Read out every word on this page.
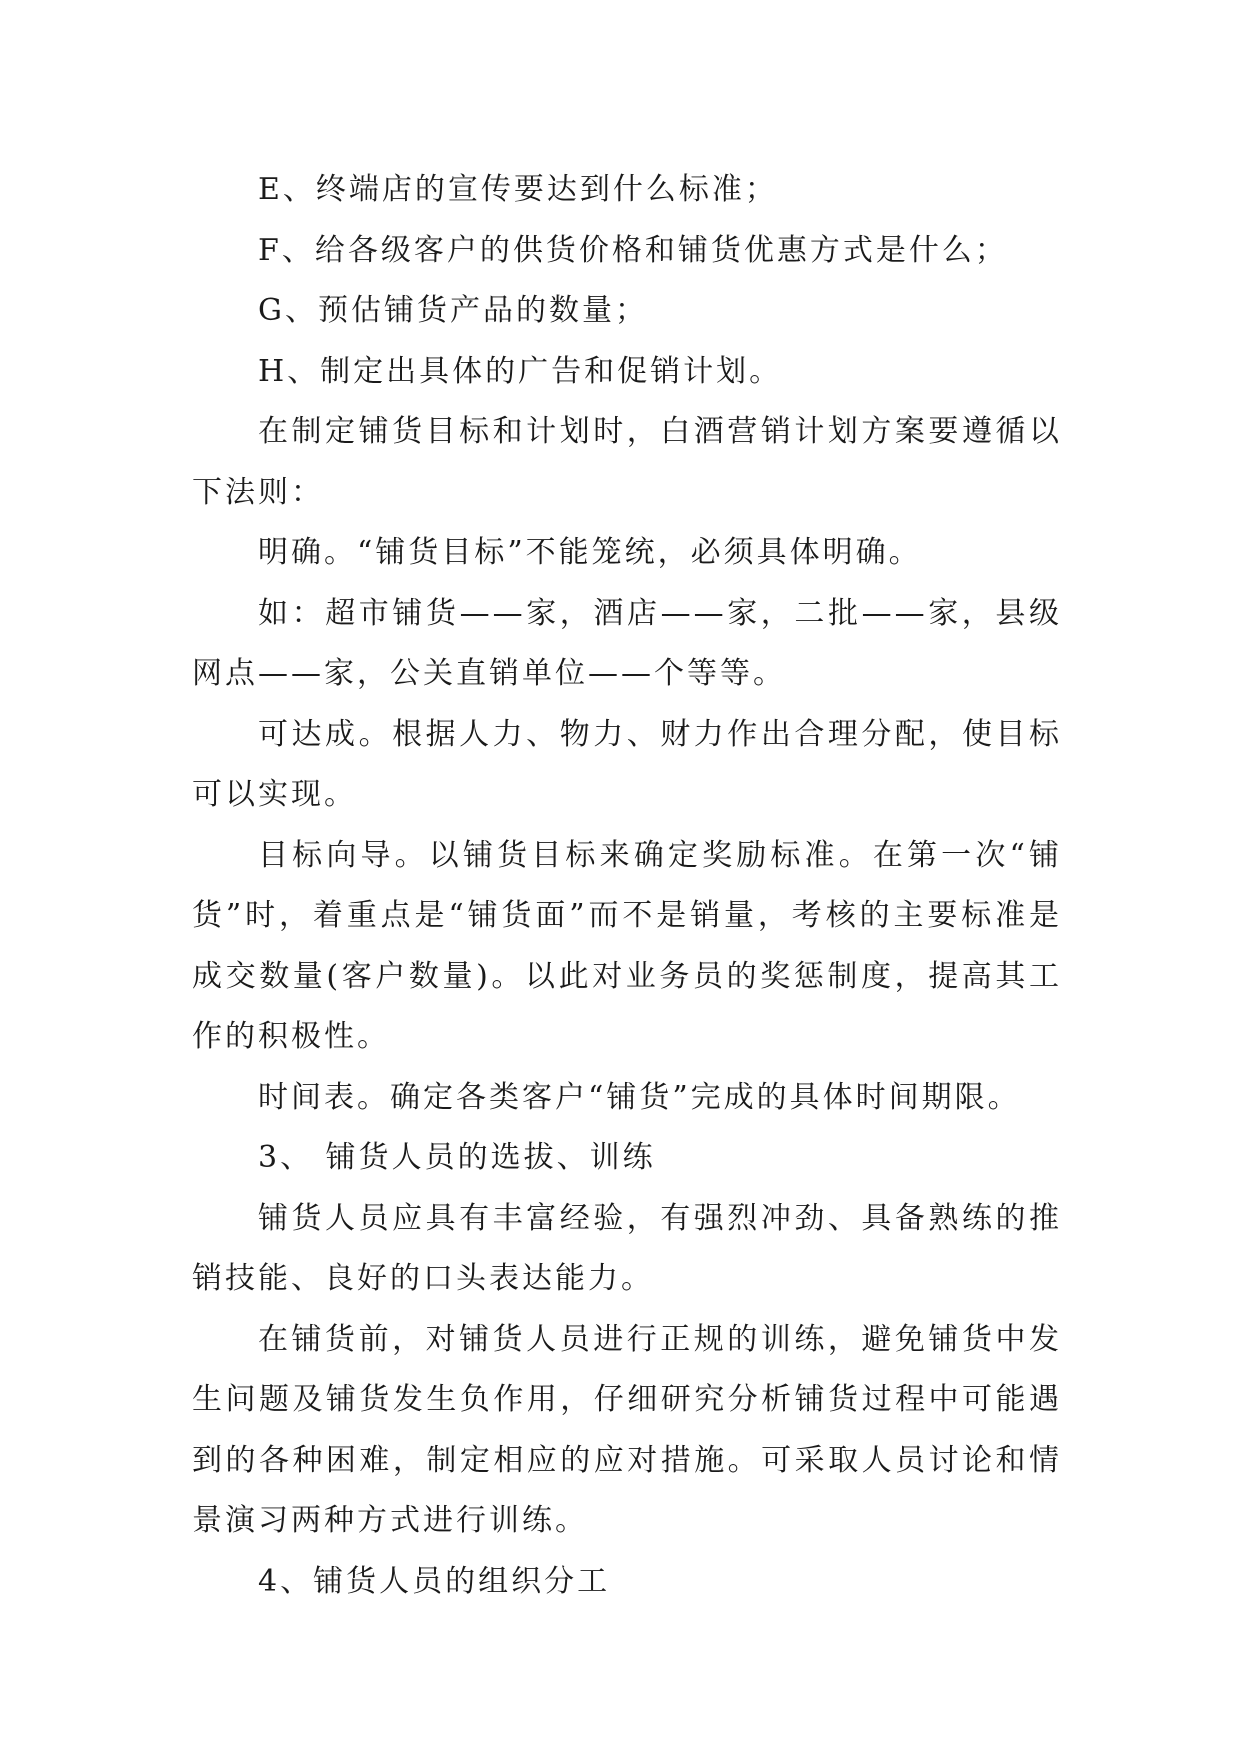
E、终端店的宣传要达到什么标准；

F、给各级客户的供货价格和铺货优惠方式是什么；

G、预估铺货产品的数量；

H、制定出具体的广告和促销计划。

在制定铺货目标和计划时，白酒营销计划方案要遵循以下法则：

明确。“铺货目标”不能笼统，必须具体明确。

如：超市铺货——家，酒店——家，二批——家，县级网点——家，公关直销单位——个等等。

可达成。根据人力、物力、财力作出合理分配，使目标可以实现。

目标向导。以铺货目标来确定奖励标准。在第一次“铺货”时，着重点是“铺货面”而不是销量，考核的主要标准是成交数量(客户数量)。以此对业务员的奖惩制度，提高其工作的积极性。

时间表。确定各类客户“铺货”完成的具体时间期限。

3、 铺货人员的选拔、训练

铺货人员应具有丰富经验，有强烈冲劲、具备熟练的推销技能、良好的口头表达能力。

在铺货前，对铺货人员进行正规的训练，避免铺货中发生问题及铺货发生负作用，仔细研究分析铺货过程中可能遇到的各种困难，制定相应的应对措施。可采取人员讨论和情景演习两种方式进行训练。

4、铺货人员的组织分工
